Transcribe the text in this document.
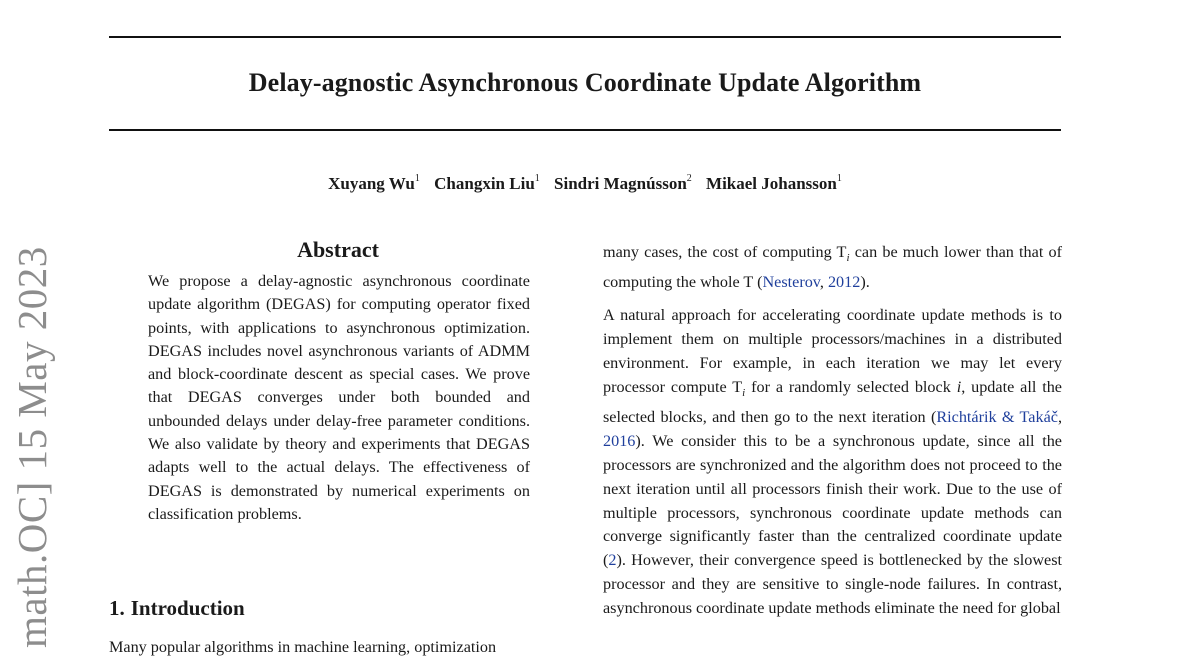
Delay-agnostic Asynchronous Coordinate Update Algorithm
Xuyang Wu$^1$ Changxin Liu$^1$ Sindri Magnússon$^2$ Mikael Johansson$^1$
math.OC] 15 May 2023	Abstract
We propose a delay-agnostic asynchronous coordinate update algorithm (DEGAS) for computing operator fixed points, with applications to asynchronous optimization. DEGAS includes novel asynchronous variants of ADMM and block-coordinate descent as special cases. We prove that DEGAS converges under both bounded and unbounded delays under delay-free parameter conditions. We also validate by theory and experiments that DEGAS adapts well to the actual delays. The effectiveness of DEGAS is demonstrated by numerical experiments on classification problems.
1. Introduction
Many popular algorithms in machine learning, optimization

many cases, the cost of computing $T_i$ can be much lower than that of computing the whole T (Nesterov, 2012).

A natural approach for accelerating coordinate update methods is to implement them on multiple processors/machines in a distributed environment. For example, in each iteration we may let every processor compute $T_i$ for a randomly selected block i, update all the selected blocks, and then go to the next iteration (Richtárik & Takáč, 2016). We consider this to be a synchronous update, since all the processors are synchronized and the algorithm does not proceed to the next iteration until all processors finish their work. Due to the use of multiple processors, synchronous coordinate update methods can converge significantly faster than the centralized coordinate update (2). However, their convergence speed is bottlenecked by the slowest processor and they are sensitive to single-node failures. In contrast, asynchronous coordinate update methods eliminate the need for global
